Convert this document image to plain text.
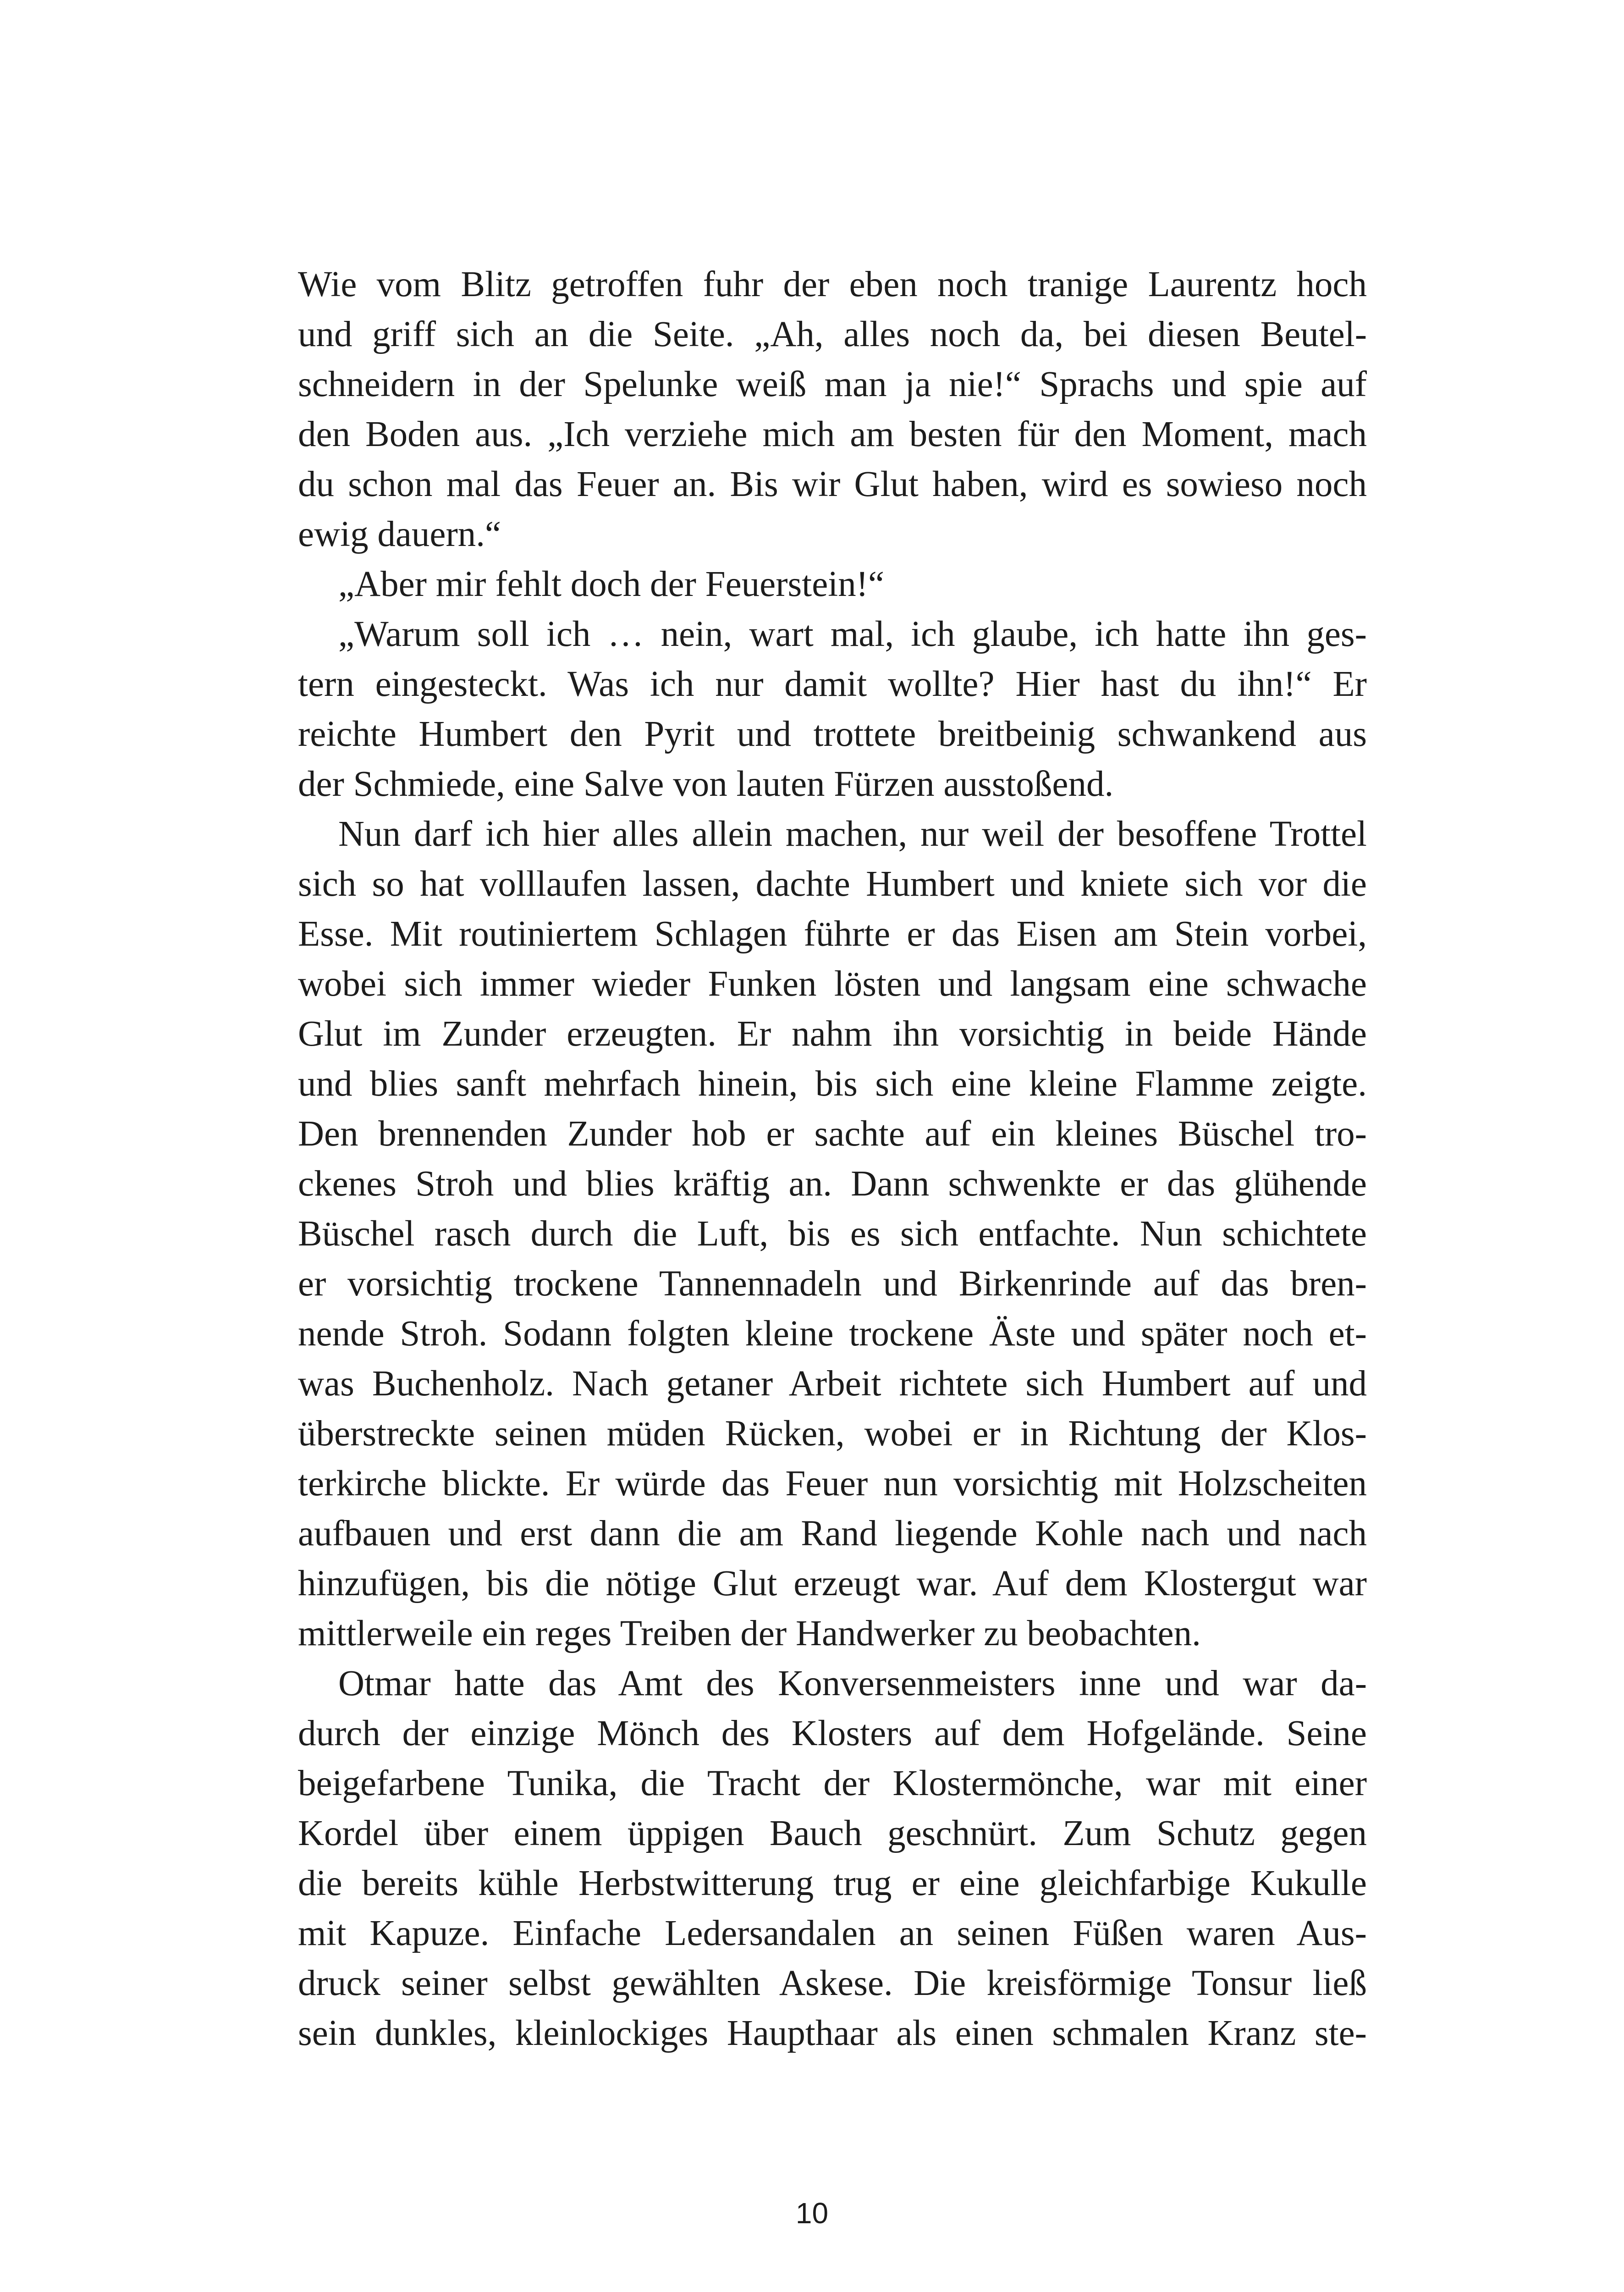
Wie vom Blitz getroffen fuhr der eben noch tranige Laurentz hoch
und griff sich an die Seite. „Ah, alles noch da, bei diesen Beutel-
schneidern in der Spelunke weiß man ja nie!“ Sprachs und spie auf
den Boden aus. „Ich verziehe mich am besten für den Moment, mach
du schon mal das Feuer an. Bis wir Glut haben, wird es sowieso noch
ewig dauern.“
„Aber mir fehlt doch der Feuerstein!“
„Warum soll ich … nein, wart mal, ich glaube, ich hatte ihn ges-
tern eingesteckt. Was ich nur damit wollte? Hier hast du ihn!“ Er
reichte Humbert den Pyrit und trottete breitbeinig schwankend aus
der Schmiede, eine Salve von lauten Fürzen ausstoßend.
Nun darf ich hier alles allein machen, nur weil der besoffene Trottel
sich so hat volllaufen lassen, dachte Humbert und kniete sich vor die
Esse. Mit routiniertem Schlagen führte er das Eisen am Stein vorbei,
wobei sich immer wieder Funken lösten und langsam eine schwache
Glut im Zunder erzeugten. Er nahm ihn vorsichtig in beide Hände
und blies sanft mehrfach hinein, bis sich eine kleine Flamme zeigte.
Den brennenden Zunder hob er sachte auf ein kleines Büschel tro-
ckenes Stroh und blies kräftig an. Dann schwenkte er das glühende
Büschel rasch durch die Luft, bis es sich entfachte. Nun schichtete
er vorsichtig trockene Tannennadeln und Birkenrinde auf das bren-
nende Stroh. Sodann folgten kleine trockene Äste und später noch et-
was Buchenholz. Nach getaner Arbeit richtete sich Humbert auf und
überstreckte seinen müden Rücken, wobei er in Richtung der Klos-
terkirche blickte. Er würde das Feuer nun vorsichtig mit Holzscheiten
aufbauen und erst dann die am Rand liegende Kohle nach und nach
hinzufügen, bis die nötige Glut erzeugt war. Auf dem Klostergut war
mittlerweile ein reges Treiben der Handwerker zu beobachten.
Otmar hatte das Amt des Konversenmeisters inne und war da-
durch der einzige Mönch des Klosters auf dem Hofgelände. Seine
beigefarbene Tunika, die Tracht der Klostermönche, war mit einer
Kordel über einem üppigen Bauch geschnürt. Zum Schutz gegen
die bereits kühle Herbstwitterung trug er eine gleichfarbige Kukulle
mit Kapuze. Einfache Ledersandalen an seinen Füßen waren Aus-
druck seiner selbst gewählten Askese. Die kreisförmige Tonsur ließ
sein dunkles, kleinlockiges Haupthaar als einen schmalen Kranz ste-
10
